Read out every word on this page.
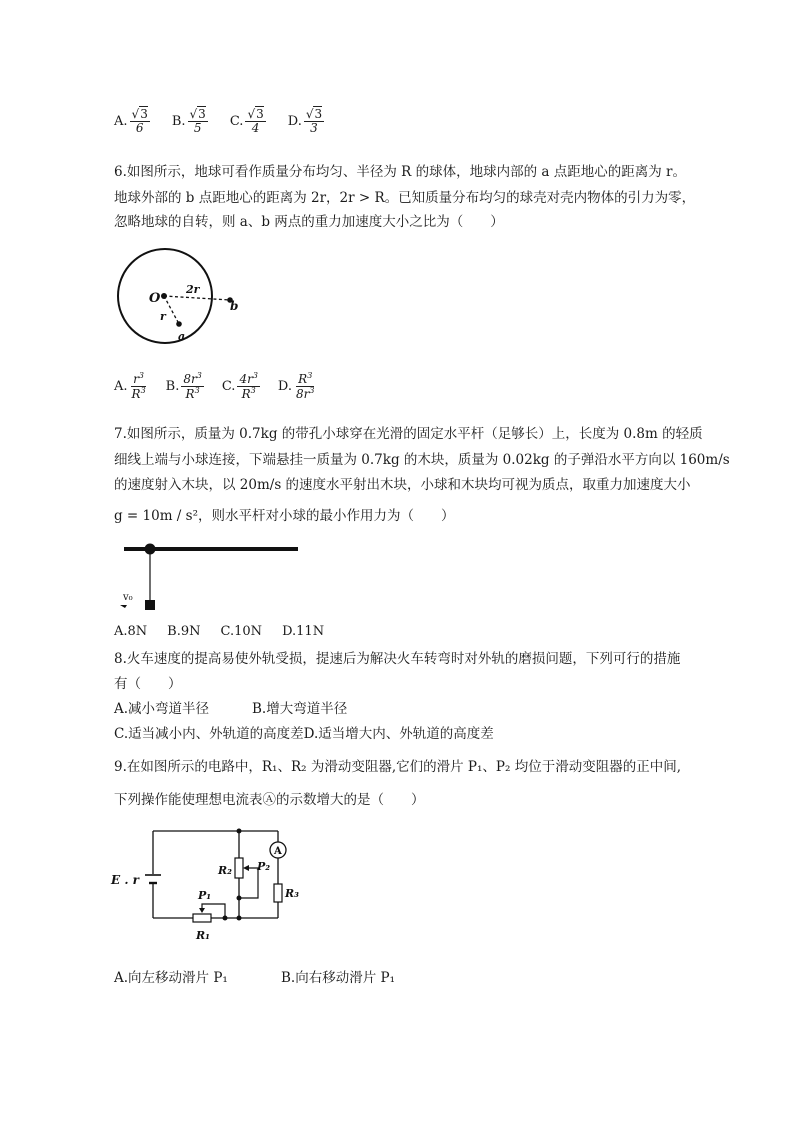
A. $\frac{√3}{6} B$. $\frac{√3}{5} C$. $\frac{√3}{4} D$. $\frac{√3}{3}$
6.如图所示，地球可看作质量分布均匀、半径为 R 的球体，地球内部的 a 点距地心的距离为 r。
地球外部的 b 点距地心的距离为 2r，2r > R。已知质量分布均匀的球壳对壳内物体的引力为零，
忽略地球的自转，则 a、b 两点的重力加速度大小之比为（　　）
O
2r
b
r
a
A. $\frac{r^3}{R^3} B$. $\frac{8r^3}{R^3} C$. $\frac{4r^3}{R^3} D$. $\frac{R^3}{8r^3}$
7.如图所示，质量为 0.7kg 的带孔小球穿在光滑的固定水平杆（足够长）上，长度为 0.8m 的轻质
细线上端与小球连接，下端悬挂一质量为 0.7kg 的木块，质量为 0.02kg 的子弹沿水平方向以 160m/s
的速度射入木块，以 20m/s 的速度水平射出木块，小球和木块均可视为质点，取重力加速度大小
g = 10m / s²，则水平杆对小球的最小作用力为（　　）
v₀
A.8N B.9N C.10N D.11N
8.火车速度的提高易使外轨受损，提速后为解决火车转弯时对外轨的磨损问题，下列可行的措施
有（　　）
A.减小弯道半径	B.增大弯道半径
C.适当减小内、外轨道的高度差D.适当增大内、外轨道的高度差
9.在如图所示的电路中，R₁、R₂ 为滑动变阻器,它们的滑片 P₁、P₂ 均位于滑动变阻器的正中间,
下列操作能使理想电流表Ⓐ的示数增大的是（　　）
E . r
P₁
R₁
R₂ P₂
A
R₃
A.向左移动滑片 P₁	B.向右移动滑片 P₁
